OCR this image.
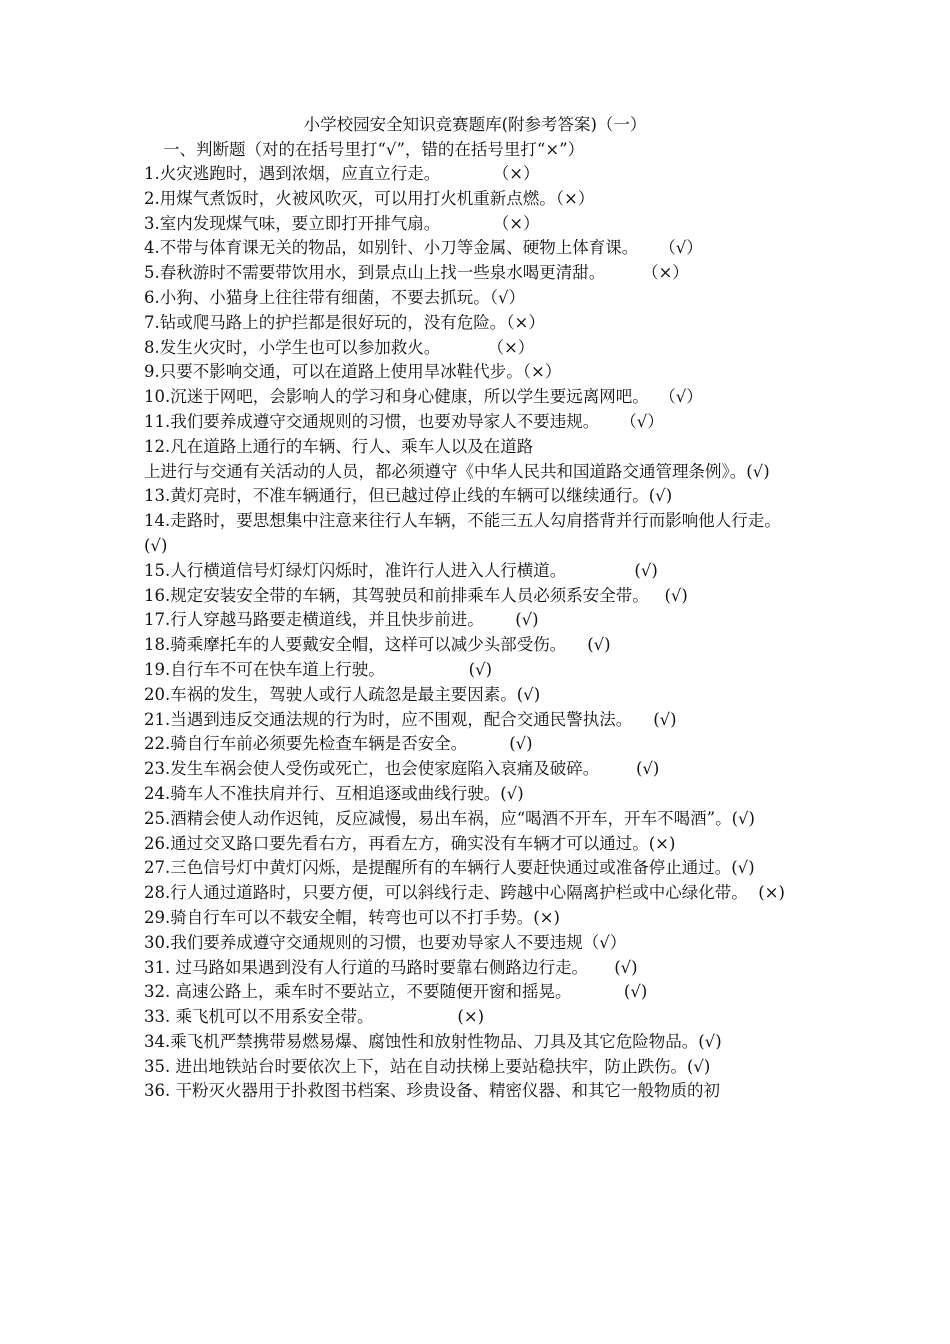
小学校园安全知识竞赛题库(附参考答案)（一）
一、判断题（对的在括号里打“√”，错的在括号里打“×”）
1.火灾逃跑时，遇到浓烟，应直立行走。          （×）
2.用煤气煮饭时，火被风吹灭，可以用打火机重新点燃。（×）
3.室内发现煤气味，要立即打开排气扇。          （×）
4.不带与体育课无关的物品，如别针、小刀等金属、硬物上体育课。    （√）
5.春秋游时不需要带饮用水，到景点山上找一些泉水喝更清甜。       （×）
6.小狗、小猫身上往往带有细菌，不要去抓玩。（√）
7.钻或爬马路上的护拦都是很好玩的，没有危险。（×）
8.发生火灾时，小学生也可以参加救火。         （×）
9.只要不影响交通，可以在道路上使用旱冰鞋代步。（×）
10.沉迷于网吧，会影响人的学习和身心健康，所以学生要远离网吧。  （√）
11.我们要养成遵守交通规则的习惯，也要劝导家人不要违规。    （√）
12.凡在道路上通行的车辆、行人、乘车人以及在道路
上进行与交通有关活动的人员，都必须遵守《中华人民共和国道路交通管理条例》。(√)
13.黄灯亮时，不准车辆通行，但已越过停止线的车辆可以继续通行。(√)
14.走路时，要思想集中注意来往行人车辆，不能三五人勾肩搭背并行而影响他人行走。  (√)
15.人行横道信号灯绿灯闪烁时，准许行人进入人行横道。             (√)
16.规定安装安全带的车辆，其驾驶员和前排乘车人员必须系安全带。   (√)
17.行人穿越马路要走横道线，并且快步前进。      (√)
18.骑乘摩托车的人要戴安全帽，这样可以减少头部受伤。    (√)
19.自行车不可在快车道上行驶。                (√)
20.车祸的发生，驾驶人或行人疏忽是最主要因素。(√)
21.当遇到违反交通法规的行为时，应不围观，配合交通民警执法。    (√)
22.骑自行车前必须要先检查车辆是否安全。        (√)
23.发生车祸会使人受伤或死亡，也会使家庭陷入哀痛及破碎。       (√)
24.骑车人不准扶肩并行、互相追逐或曲线行驶。(√)
25.酒精会使人动作迟钝，反应减慢，易出车祸，应“喝酒不开车，开车不喝酒”。(√)
26.通过交叉路口要先看右方，再看左方，确实没有车辆才可以通过。(×)
27.三色信号灯中黄灯闪烁，是提醒所有的车辆行人要赶快通过或准备停止通过。(√)
28.行人通过道路时，只要方便，可以斜线行走、跨越中心隔离护栏或中心绿化带。  (×)
29.骑自行车可以不载安全帽，转弯也可以不打手势。(×)
30.我们要养成遵守交通规则的习惯，也要劝导家人不要违规（√）
31. 过马路如果遇到没有人行道的马路时要靠右侧路边行走。     (√)
32. 高速公路上，乘车时不要站立，不要随便开窗和摇晃。          (√)
33. 乘飞机可以不用系安全带。                (×)
34.乘飞机严禁携带易燃易爆、腐蚀性和放射性物品、刀具及其它危险物品。(√)
35. 进出地铁站台时要依次上下，站在自动扶梯上要站稳扶牢，防止跌伤。(√)
36. 干粉灭火器用于扑救图书档案、珍贵设备、精密仪器、和其它一般物质的初
